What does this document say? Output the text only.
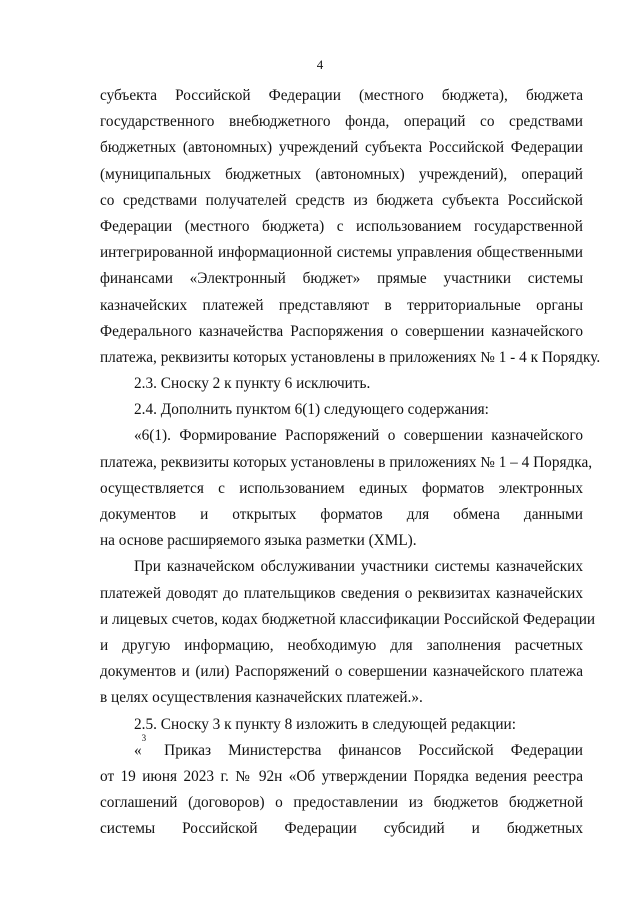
4
субъекта Российской Федерации (местного бюджета), бюджета
государственного внебюджетного фонда, операций со средствами
бюджетных (автономных) учреждений субъекта Российской Федерации
(муниципальных бюджетных (автономных) учреждений), операций
со средствами получателей средств из бюджета субъекта Российской
Федерации (местного бюджета) с использованием государственной
интегрированной информационной системы управления общественными
финансами «Электронный бюджет» прямые участники системы
казначейских платежей представляют в территориальные органы
Федерального казначейства Распоряжения о совершении казначейского
платежа, реквизиты которых установлены в приложениях № 1 - 4 к Порядку.
2.3. Сноску 2 к пункту 6 исключить.
2.4. Дополнить пунктом 6(1) следующего содержания:
«6(1). Формирование Распоряжений о совершении казначейского
платежа, реквизиты которых установлены в приложениях № 1 – 4 Порядка,
осуществляется с использованием единых форматов электронных
документов и открытых форматов для обмена данными
на основе расширяемого языка разметки (XML).
При казначейском обслуживании участники системы казначейских
платежей доводят до плательщиков сведения о реквизитах казначейских
и лицевых счетов, кодах бюджетной классификации Российской Федерации
и другую информацию, необходимую для заполнения расчетных
документов и (или) Распоряжений о совершении казначейского платежа
в целях осуществления казначейских платежей.».
2.5. Сноску 3 к пункту 8 изложить в следующей редакции:
«
3
Приказ Министерства финансов Российской Федерации
от 19 июня 2023 г. № 92н «Об утверждении Порядка ведения реестра
соглашений (договоров) о предоставлении из бюджетов бюджетной
системы Российской Федерации субсидий и бюджетных
